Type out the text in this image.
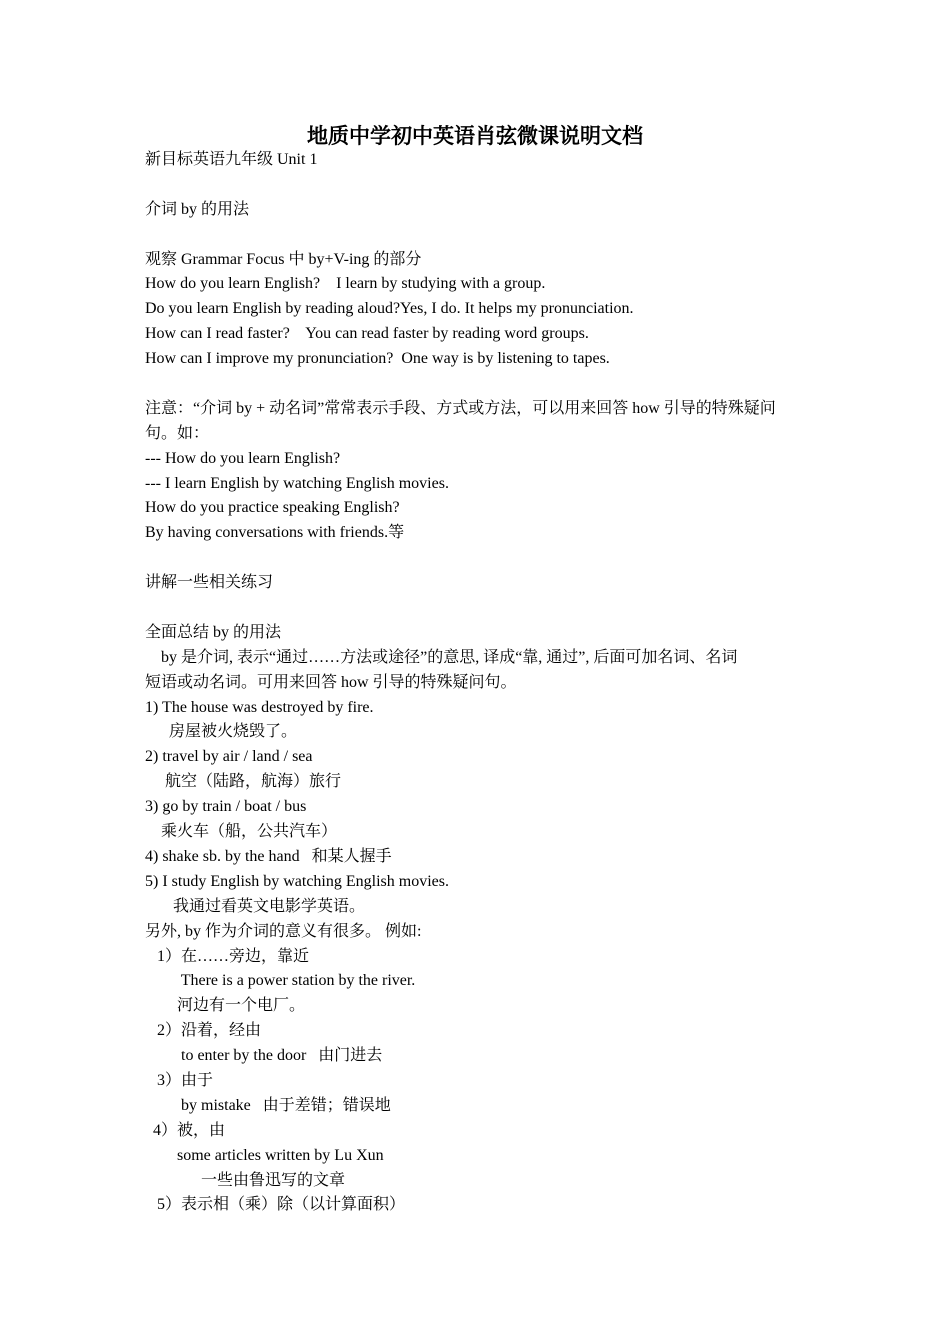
地质中学初中英语肖弦微课说明文档
新目标英语九年级 Unit 1
介词 by 的用法
观察 Grammar Focus 中 by+V-ing 的部分
How do you learn English?    I learn by studying with a group.
Do you learn English by reading aloud?Yes, I do. It helps my pronunciation.
How can I read faster?    You can read faster by reading word groups.
How can I improve my pronunciation?  One way is by listening to tapes.
注意：“介词 by + 动名词”常常表示手段、方式或方法，可以用来回答 how 引导的特殊疑问
句。如：
--- How do you learn English?
--- I learn English by watching English movies.
How do you practice speaking English?
By having conversations with friends.等
讲解一些相关练习
全面总结 by 的用法
by 是介词, 表示“通过……方法或途径”的意思, 译成“靠, 通过”, 后面可加名词、名词
短语或动名词。可用来回答 how 引导的特殊疑问句。
1) The house was destroyed by fire.
房屋被火烧毁了。
2) travel by air / land / sea
航空（陆路，航海）旅行
3) go by train / boat / bus
乘火车（船，公共汽车）
4) shake sb. by the hand   和某人握手
5) I study English by watching English movies.
我通过看英文电影学英语。
另外, by 作为介词的意义有很多。 例如:
1）在……旁边，靠近
There is a power station by the river.
河边有一个电厂。
2）沿着，经由
to enter by the door   由门进去
3）由于
by mistake   由于差错；错误地
4）被，由
some articles written by Lu Xun
一些由鲁迅写的文章
5）表示相（乘）除（以计算面积）
